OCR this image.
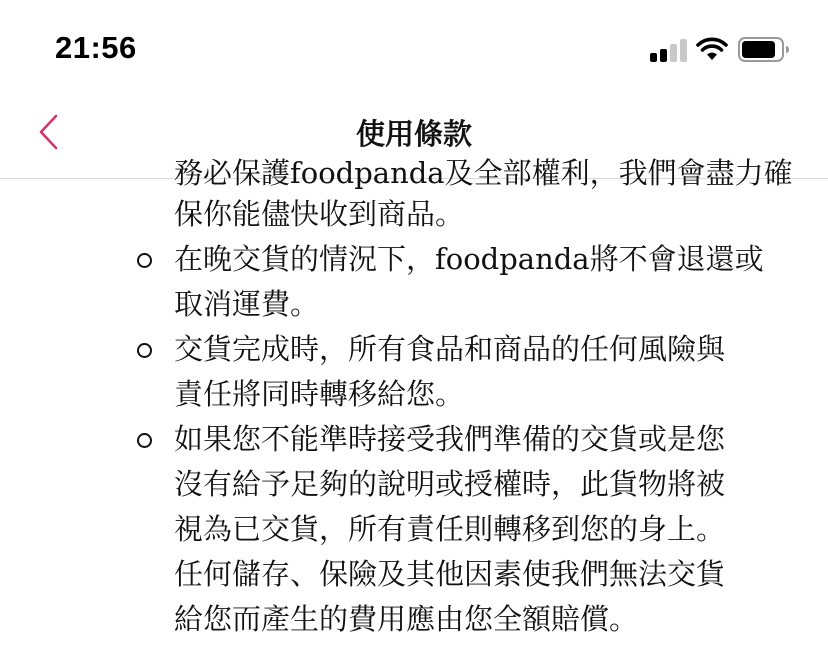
21:56
使用條款
務必保護foodpanda及全部權利，我們會盡力確
保你能儘快收到商品。
在晚交貨的情況下，foodpanda將不會退還或
取消運費。
交貨完成時，所有食品和商品的任何風險與
責任將同時轉移給您。
如果您不能準時接受我們準備的交貨或是您
沒有給予足夠的說明或授權時，此貨物將被
視為已交貨，所有責任則轉移到您的身上。
任何儲存、保險及其他因素使我們無法交貨
給您而產生的費用應由您全額賠償。
